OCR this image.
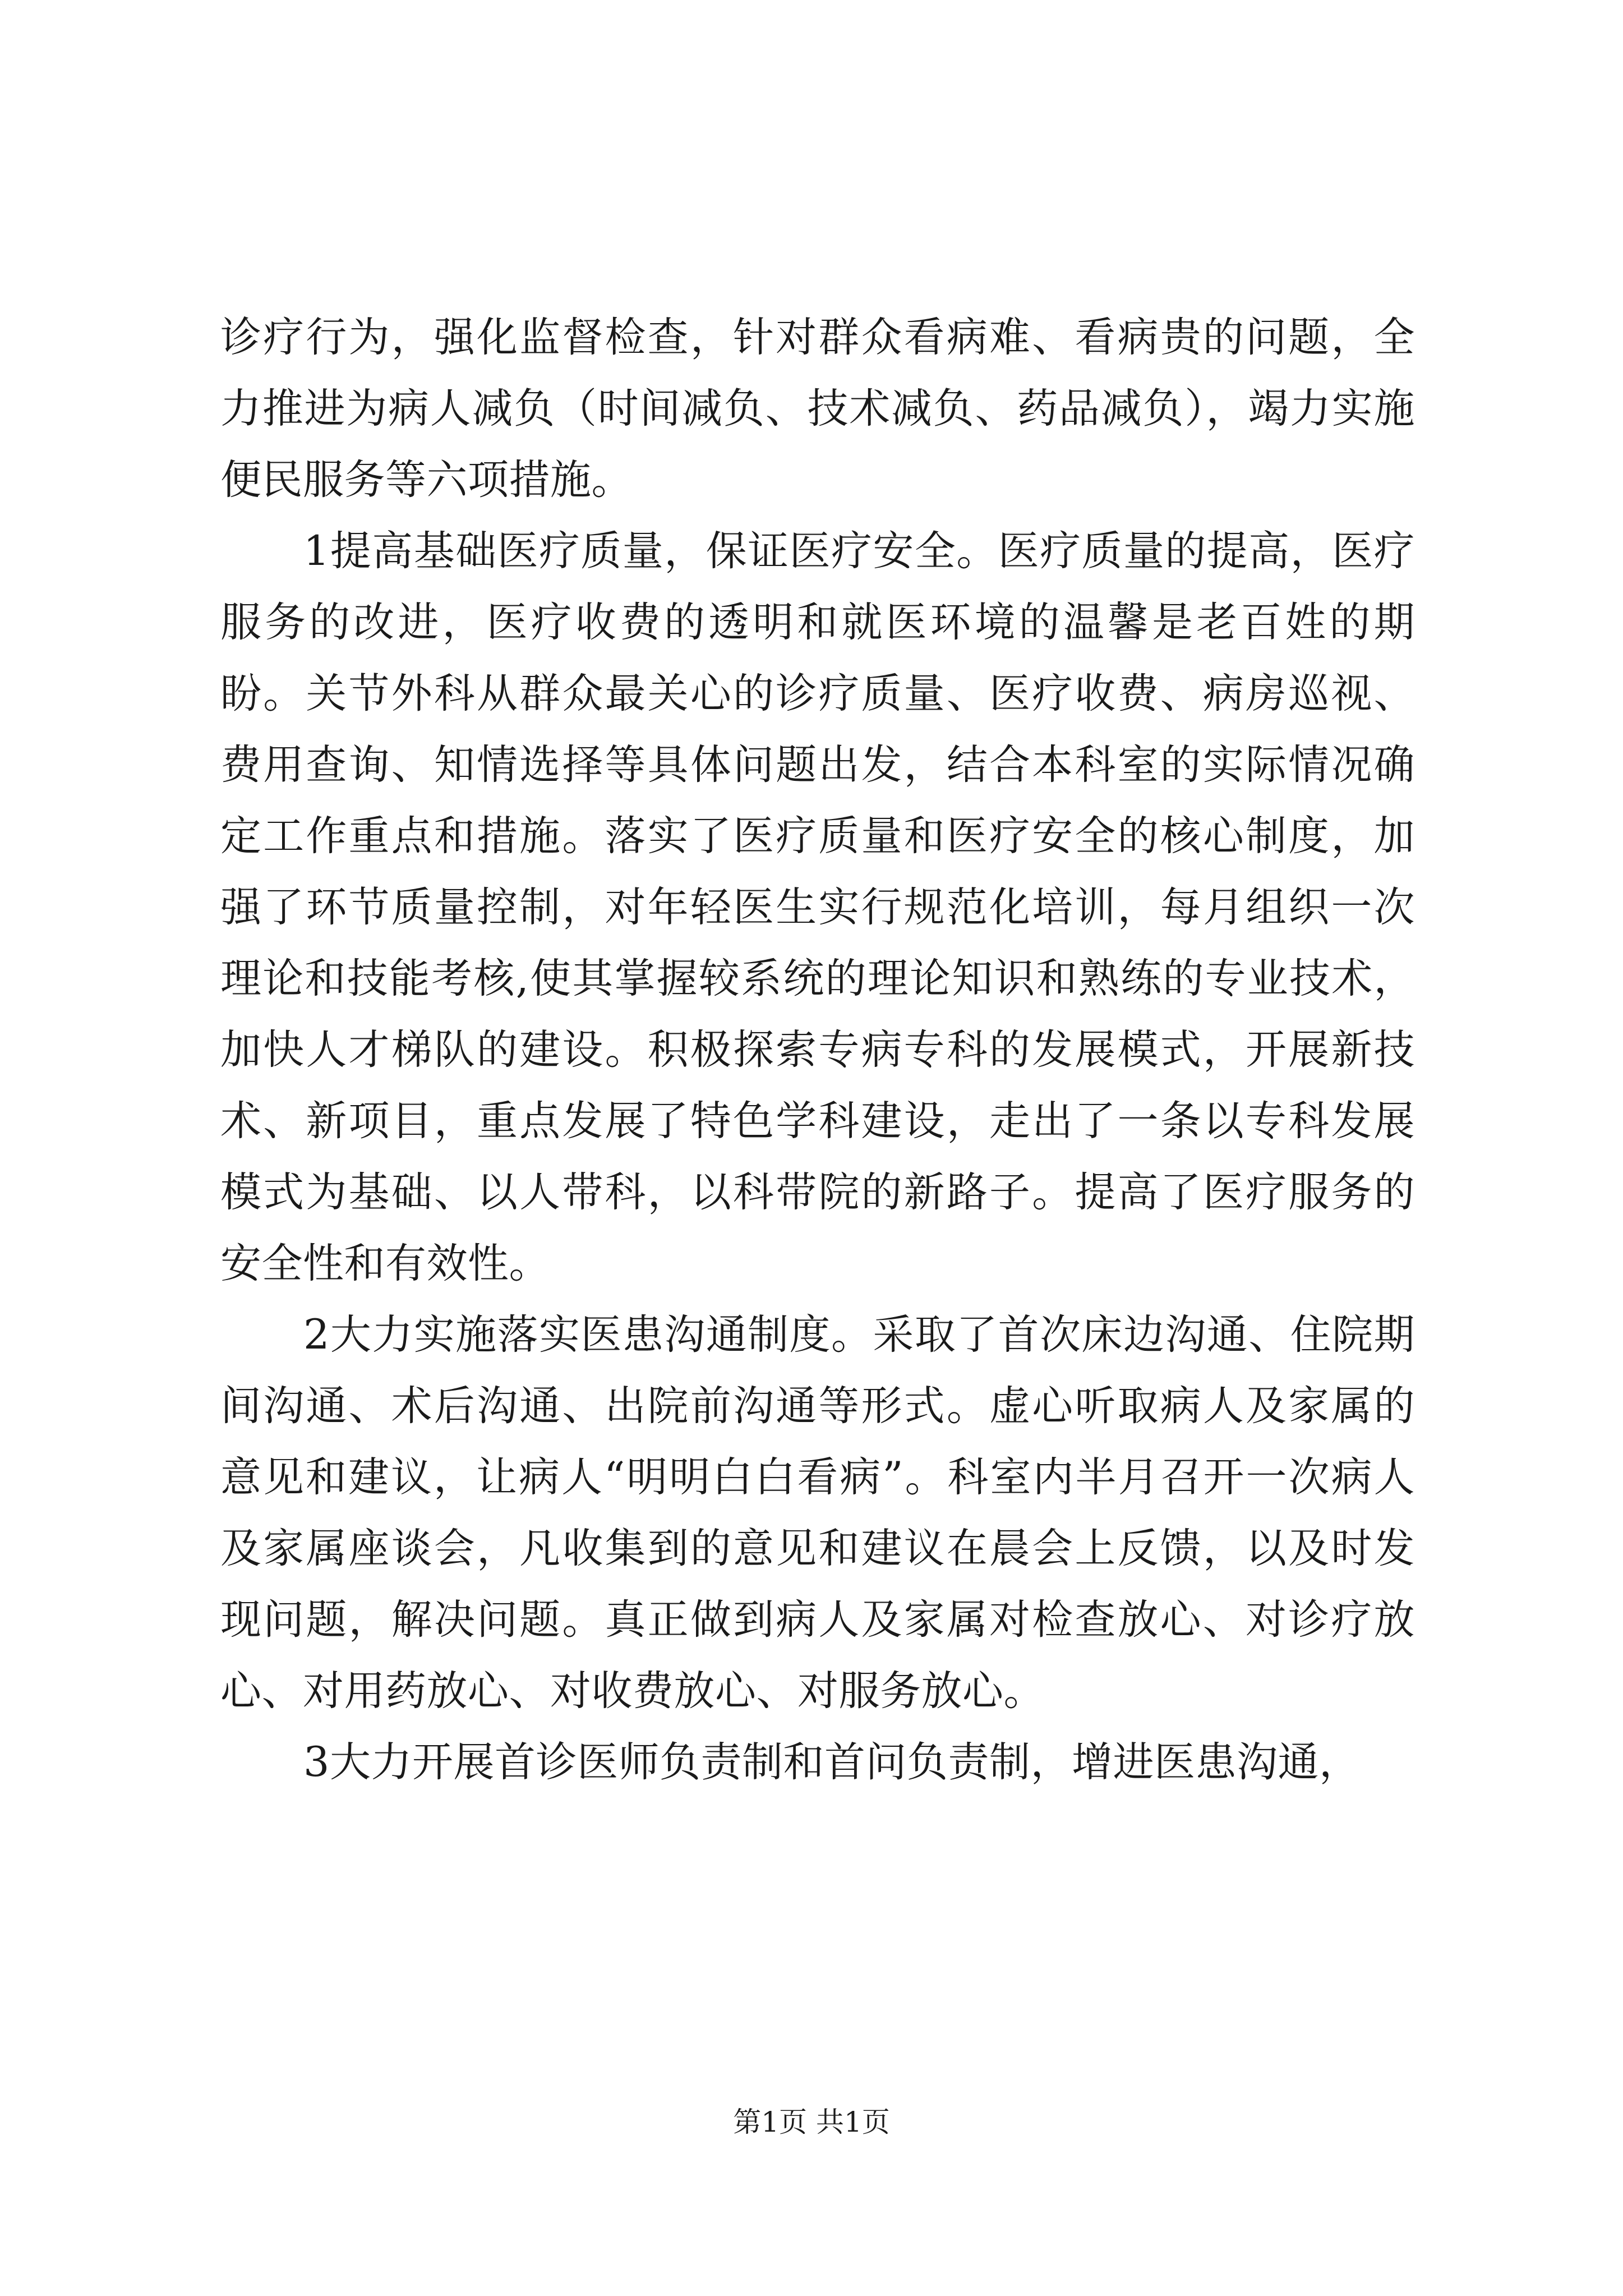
诊疗行为，强化监督检查，针对群众看病难、看病贵的问题，全力推进为病人减负（时间减负、技术减负、药品减负），竭力实施便民服务等六项措施。

1提高基础医疗质量，保证医疗安全。医疗质量的提高，医疗服务的改进，医疗收费的透明和就医环境的温馨是老百姓的期盼。关节外科从群众最关心的诊疗质量、医疗收费、病房巡视、费用查询、知情选择等具体问题出发，结合本科室的实际情况确定工作重点和措施。落实了医疗质量和医疗安全的核心制度，加强了环节质量控制，对年轻医生实行规范化培训，每月组织一次理论和技能考核,使其掌握较系统的理论知识和熟练的专业技术，加快人才梯队的建设。积极探索专病专科的发展模式，开展新技术、新项目，重点发展了特色学科建设，走出了一条以专科发展模式为基础、以人带科，以科带院的新路子。提高了医疗服务的安全性和有效性。

2大力实施落实医患沟通制度。采取了首次床边沟通、住院期间沟通、术后沟通、出院前沟通等形式。虚心听取病人及家属的意见和建议，让病人“明明白白看病”。科室内半月召开一次病人及家属座谈会，凡收集到的意见和建议在晨会上反馈，以及时发现问题，解决问题。真正做到病人及家属对检查放心、对诊疗放心、对用药放心、对收费放心、对服务放心。

3大力开展首诊医师负责制和首问负责制，增进医患沟通，

第1页 共1页
